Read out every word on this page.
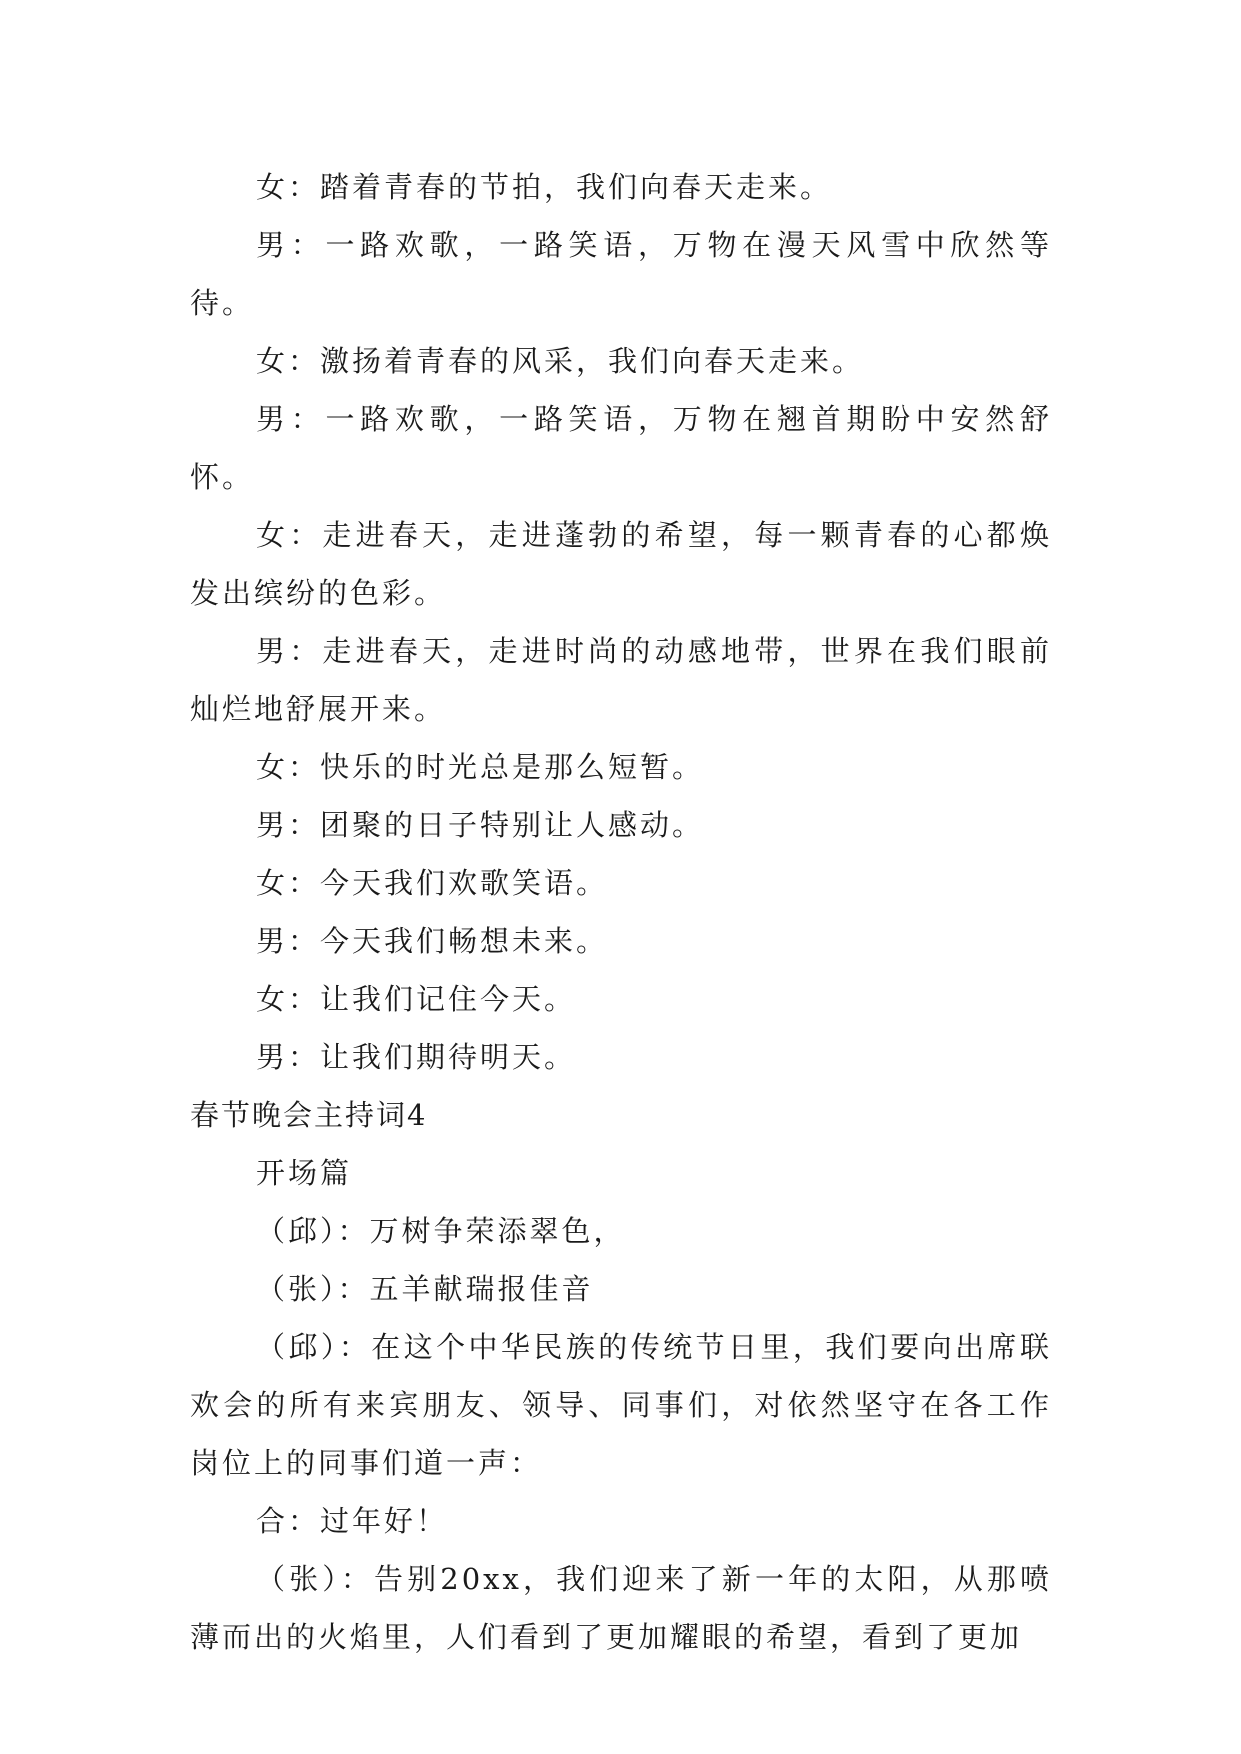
女：踏着青春的节拍，我们向春天走来。

男：一路欢歌，一路笑语，万物在漫天风雪中欣然等待。

女：激扬着青春的风采，我们向春天走来。

男：一路欢歌，一路笑语，万物在翘首期盼中安然舒怀。

女：走进春天，走进蓬勃的希望，每一颗青春的心都焕发出缤纷的色彩。

男：走进春天，走进时尚的动感地带，世界在我们眼前灿烂地舒展开来。

女：快乐的时光总是那么短暂。

男：团聚的日子特别让人感动。

女：今天我们欢歌笑语。

男：今天我们畅想未来。

女：让我们记住今天。

男：让我们期待明天。

春节晚会主持词4

开场篇

（邱）：万树争荣添翠色，

（张）：五羊献瑞报佳音

（邱）：在这个中华民族的传统节日里，我们要向出席联欢会的所有来宾朋友、领导、同事们，对依然坚守在各工作岗位上的同事们道一声：

合：过年好！

（张）：告别20xx，我们迎来了新一年的太阳，从那喷薄而出的火焰里，人们看到了更加耀眼的希望，看到了更加
